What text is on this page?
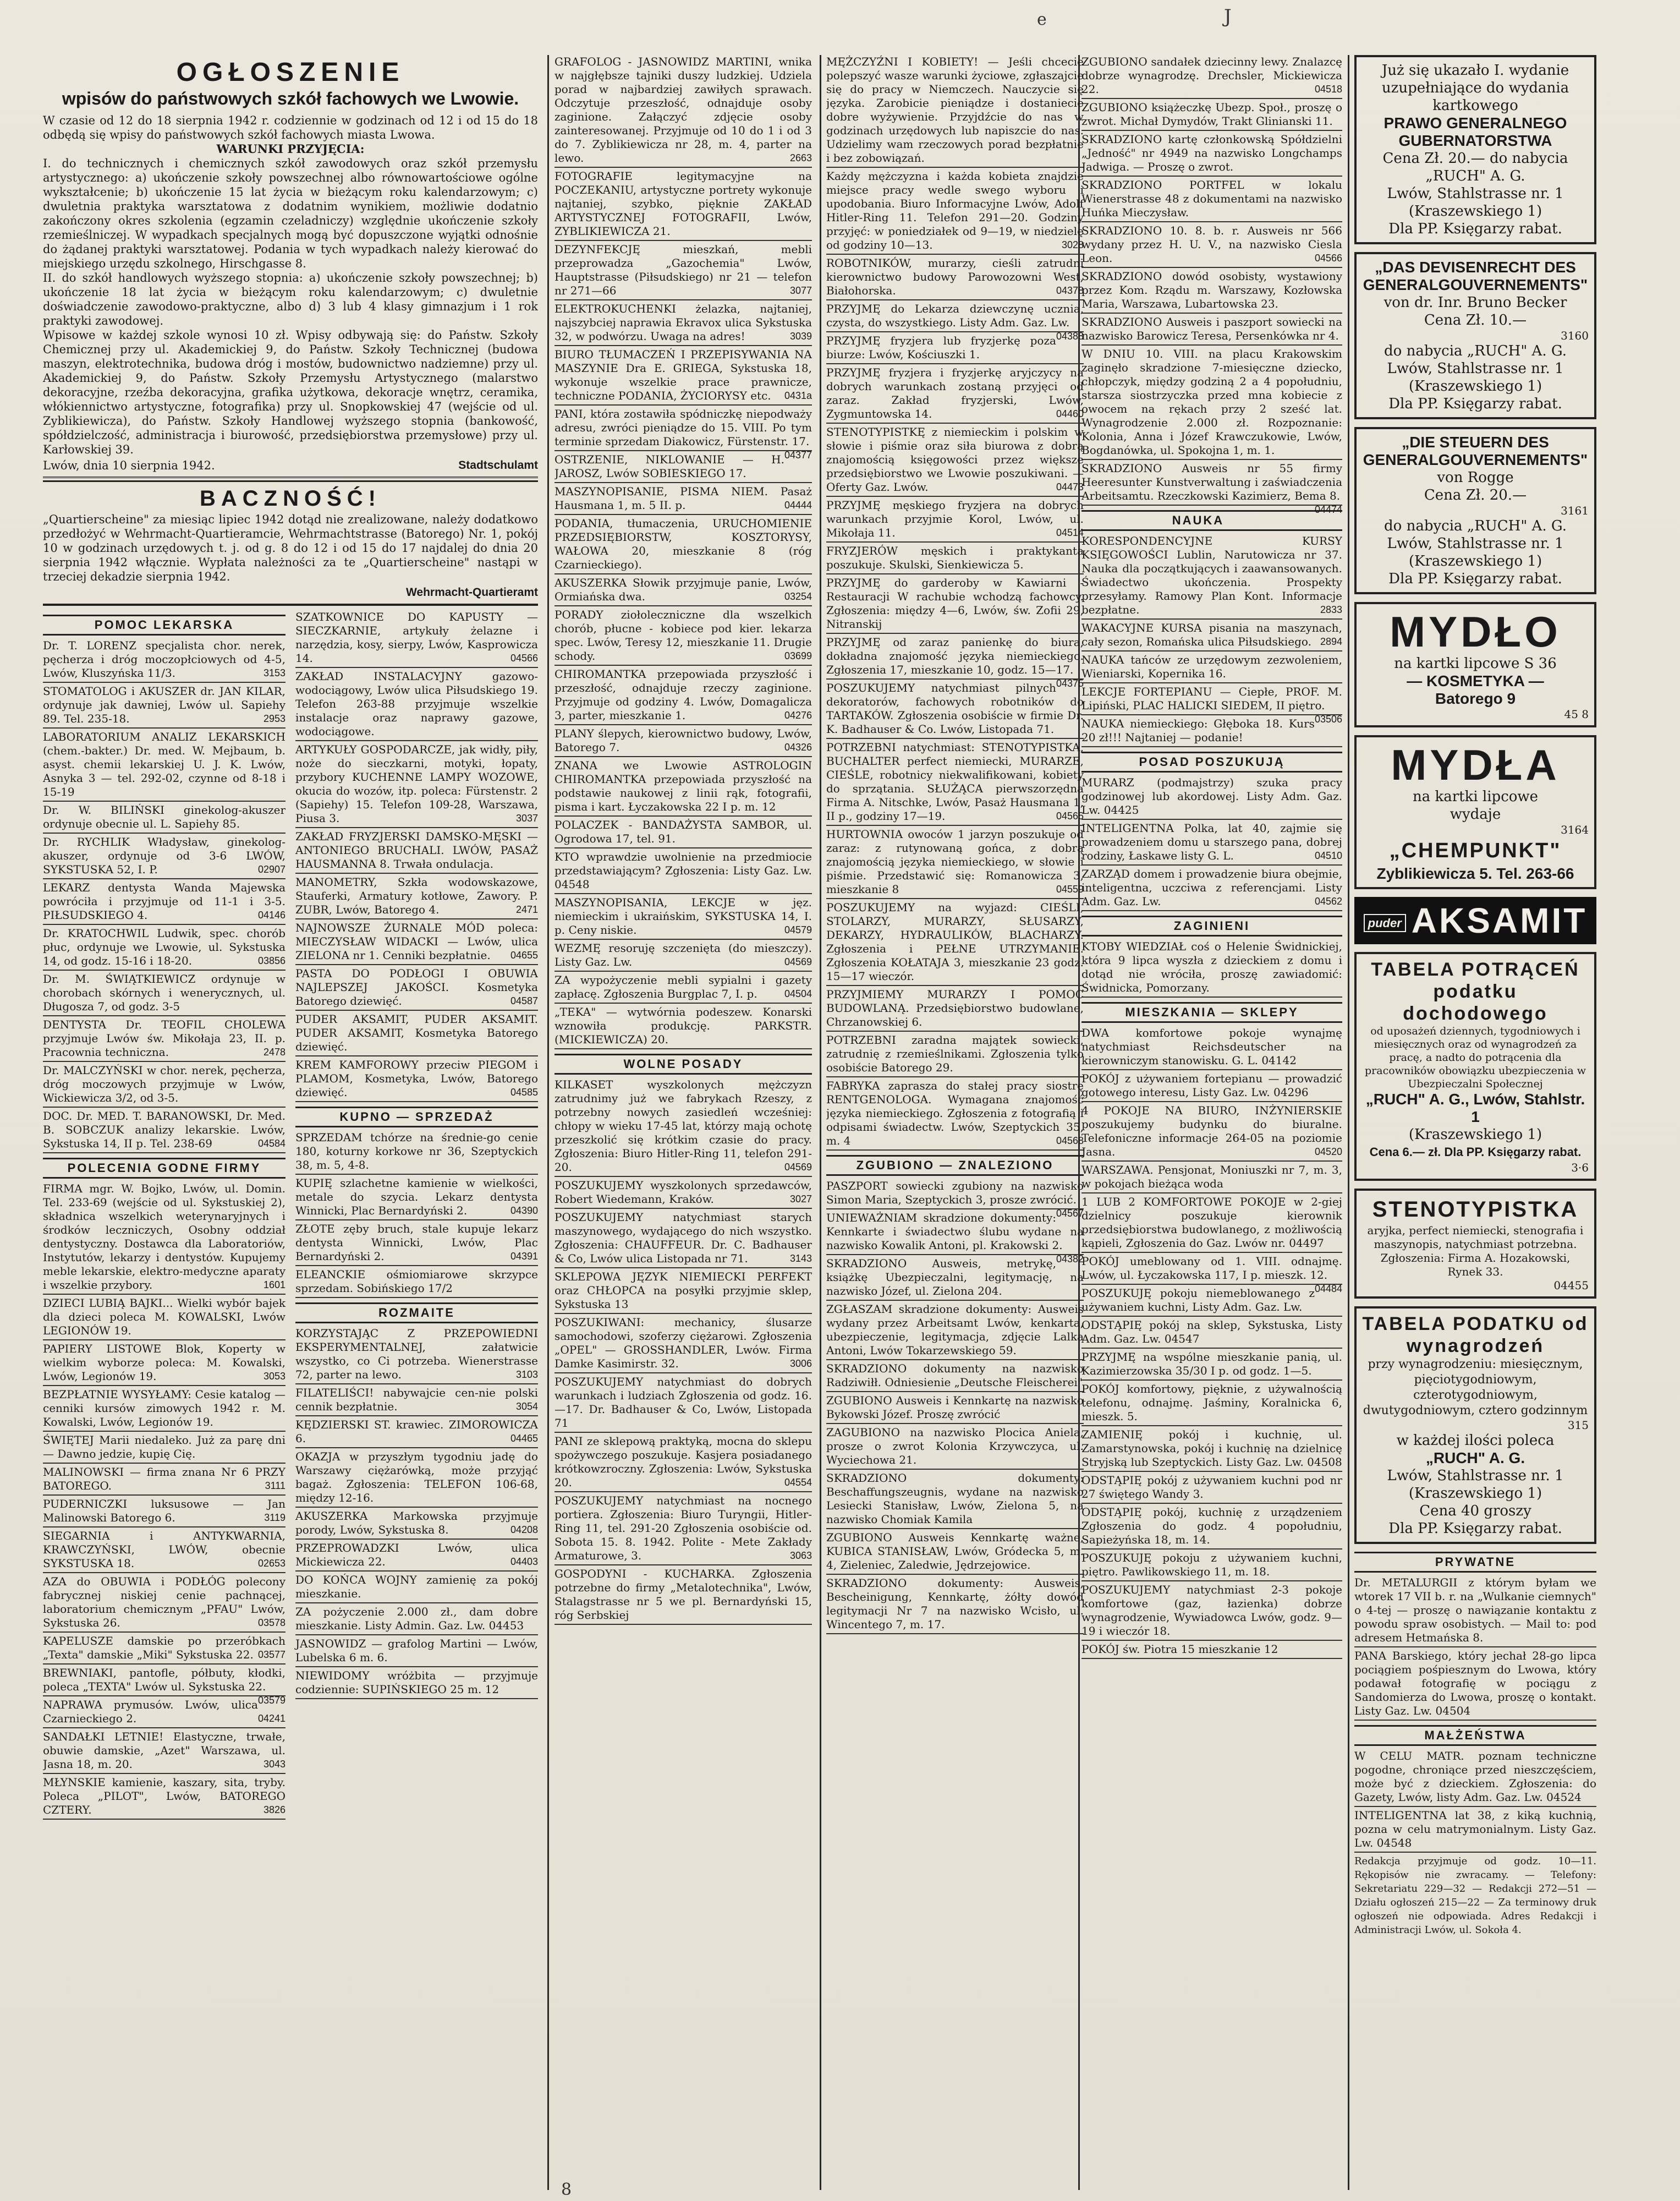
OGŁOSZENIE
wpisów do państwowych szkół fachowych we Lwowie.

W czasie od 12 do 18 sierpnia 1942 r. codziennie w godzinach od 12 i od 15 do 18 odbędą się wpisy do państwowych szkół fachowych miasta Lwowa.

WARUNKI PRZYJĘCIA:

I. do technicznych i chemicznych szkół zawodowych oraz szkół przemysłu artystycznego: a) ukończenie szkoły powszechnej albo równowartościowe ogólne wykształcenie; b) ukończenie 15 lat życia w bieżącym roku kalendarzowym; c) dwuletnia praktyka warsztatowa z dodatnim wynikiem, możliwie dodatnio zakończony okres szkolenia (egzamin czeladniczy) względnie ukończenie szkoły rzemieślniczej. W wypadkach specjalnych mogą być dopuszczone wyjątki odnośnie do żądanej praktyki warsztatowej. Podania w tych wypadkach należy kierować do miejskiego urzędu szkolnego, Hirschgasse 8.

II. do szkół handlowych wyższego stopnia: a) ukończenie szkoły powszechnej; b) ukończenie 18 lat życia w bieżącym roku kalendarzowym; c) dwuletnie doświadczenie zawodowo-praktyczne, albo d) 3 lub 4 klasy gimnazjum i 1 rok praktyki zawodowej.

Wpisowe w każdej szkole wynosi 10 zł. Wpisy odbywają się: do Państw. Szkoły Chemicznej przy ul. Akademickiej 9, do Państw. Szkoły Technicznej (budowa maszyn, elektrotechnika, budowa dróg i mostów, budownictwo nadziemne) przy ul. Akademickiej 9, do Państw. Szkoły Przemysłu Artystycznego (malarstwo dekoracyjne, rzeźba dekoracyjna, grafika użytkowa, dekoracje wnętrz, ceramika, włókiennictwo artystyczne, fotografika) przy ul. Snopkowskiej 47 (wejście od ul. Zyblikiewicza), do Państw. Szkoły Handlowej wyższego stopnia (bankowość, spółdzielczość, administracja i biurowość, przedsiębiorstwa przemysłowe) przy ul. Karłowskiej 39.

Lwów, dnia 10 sierpnia 1942.	Stadtschulamt
BACZNOŚĆ!

„Quartierscheine" za miesiąc lipiec 1942 dotąd nie zrealizowane, należy dodatkowo przedłożyć w Wehrmacht-Quartieramcie, Wehrmachtstrasse (Batorego) Nr. 1, pokój 10 w godzinach urzędowych t. j. od g. 8 do 12 i od 15 do 17 najdalej do dnia 20 sierpnia 1942 włącznie. Wypłata należności za te „Quartierscheine" nastąpi w trzeciej dekadzie sierpnia 1942.

Wehrmacht-Quartieramt
POMOC LEKARSKA

Dr. T. LORENZ specjalista chor. nerek, pęcherza i dróg moczopłciowych od 4-5, Lwów, Kluszyńska 11/3.	3153

STOMATOLOG i AKUSZER dr. JAN KILAR, ordynuje jak dawniej, Lwów ul. Sapiehy 89. Tel. 235-18.	2953

LABORATORIUM ANALIZ LEKARSKICH (chem.-bakter.) Dr. med. W. Mejbaum, b. asyst. chemii lekarskiej U. J. K. Lwów, Asnyka 3 — tel. 292-02, czynne od 8-18 i 15-19

Dr. W. BILIŃSKI ginekolog-akuszer ordynuje obecnie ul. L. Sapiehy 85.

Dr. RYCHLIK Władysław, ginekolog-akuszer, ordynuje od 3-6 LWÓW, SYKSTUSKA 52, I. P.	02907

LEKARZ dentysta Wanda Majewska powróciła i przyjmuje od 11-1 i 3-5. PIŁSUDSKIEGO 4.	04146

Dr. KRATOCHWIL Ludwik, spec. chorób płuc, ordynuje we Lwowie, ul. Sykstuska 14, od godz. 15-16 i 18-20.	03856

Dr. M. ŚWIĄTKIEWICZ ordynuje w chorobach skórnych i wenerycznych, ul. Długosza 7, od godz. 3-5

DENTYSTA Dr. TEOFIL CHOLEWA przyjmuje Lwów św. Mikołaja 23, II. p. Pracownia techniczna.	2478

Dr. MALCZYŃSKI w chor. nerek, pęcherza, dróg moczowych przyjmuje w Lwów, Wickiewicza 3/2, od 3-5.

DOC. Dr. MED. T. BARANOWSKI, Dr. Med. B. SOBCZUK analizy lekarskie. Lwów, Sykstuska 14, II p. Tel. 238-69	04584

POLECENIA GODNE FIRMY

FIRMA mgr. W. Bojko, Lwów, ul. Domin. Tel. 233-69 (wejście od ul. Sykstuskiej 2), składnica wszelkich weterynaryjnych i środków leczniczych, Osobny oddział dentystyczny. Dostawca dla Laboratoriów, Instytutów, lekarzy i dentystów. Kupujemy meble lekarskie, elektro-medyczne aparaty i wszelkie przybory.	1601

DZIECI LUBIĄ BAJKI... Wielki wybór bajek dla dzieci poleca M. KOWALSKI, Lwów LEGIONÓW 19.

PAPIERY LISTOWE Blok, Koperty w wielkim wyborze poleca: M. Kowalski, Lwów, Legionów 19.	3053

BEZPŁATNIE WYSYŁAMY: Cesie katalog — cenniki kursów zimowych 1942 r. M. Kowalski, Lwów, Legionów 19.

ŚWIĘTEJ Marii niedaleko. Już za parę dni — Dawno jedzie, kupię Cię.

MALINOWSKI — firma znana Nr 6 PRZY BATOREGO.	3111

PUDERNICZKI luksusowe — Jan Malinowski Batorego 6.	3119

SIEGARNIA i ANTYKWARNIA, KRAWCZYŃSKI, LWÓW, obecnie SYKSTUSKA 18.	02653

AZA do OBUWIA i PODŁÓG polecony fabrycznej niskiej cenie pachnącej, laboratorium chemicznym „PFAU" Lwów, Sykstuska 26.	03578

KAPELUSZE damskie po przeróbkach „Texta" damskie „Miki" Sykstuska 22. 03577

BREWNIAKI, pantofle, półbuty, kłodki, poleca „TEXTA" Lwów ul. Sykstuska 22.
03579

NAPRAWA prymusów. Lwów, ulica Czarnieckiego 2.	04241

SANDAŁKI LETNIE! Elastyczne, trwałe, obuwie damskie, „Azet" Warszawa, ul. Jasna 18, m. 20.	3043

MŁYNSKIE kamienie, kaszary, sita, tryby. Poleca „PILOT", Lwów, BATOREGO CZTERY.	3826

SZATKOWNICE DO KAPUSTY — SIECZKARNIE, artykuły żelazne i narzędzia, kosy, sierpy, Lwów, Kasprowicza 14.	04566

ZAKŁAD INSTALACYJNY gazowo-wodociągowy, Lwów ulica Piłsudskiego 19. Telefon 263-88 przyjmuje wszelkie instalacje oraz naprawy gazowe, wodociągowe.

ARTYKUŁY GOSPODARCZE, jak widły, piły, noże do sieczkarni, motyki, łopaty, przybory KUCHENNE LAMPY WOZOWE, okucia do wozów, itp. poleca: Fürstenstr. 2 (Sapiehy) 15. Telefon 109-28, Warszawa, Piusa 3.	3037

ZAKŁAD FRYZJERSKI DAMSKO-MĘSKI — ANTONIEGO BRUCHALI. LWÓW, PASAŻ HAUSMANNA 8. Trwała ondulacja.

MANOMETRY, Szkła wodowskazowe, Stauferki, Armatury kotłowe, Zawory. P. ZUBR, Lwów, Batorego 4.	2471

NAJNOWSZE ŻURNALE MÓD poleca: MIECZYSŁAW WIDACKI — Lwów, ulica ZIELONA nr 1. Cenniki bezpłatnie. 04655

PASTA DO PODŁOGI I OBUWIA NAJLEPSZEJ JAKOŚCI. Kosmetyka Batorego dziewięć.	04587

PUDER AKSAMIT, PUDER AKSAMIT. PUDER AKSAMIT, Kosmetyka Batorego dziewięć.

KREM KAMFOROWY przeciw PIEGOM i PLAMOM, Kosmetyka, Lwów, Batorego dziewięć.	04585

KUPNO — SPRZEDAŻ

SPRZEDAM tchórze na średnie-go cenie 180, koturny korkowe nr 36, Szeptyckich 38, m. 5, 4-8.

KUPIĘ szlachetne kamienie w wielkości, metale do szycia. Lekarz dentysta Winnicki, Plac Bernardyński 2.	04390

ZŁOTE zęby bruch, stale kupuje lekarz dentysta Winnicki, Lwów, Plac Bernardyński 2.	04391

ELEANCKIE ośmiomiarowe skrzypce sprzedam. Sobińskiego 17/2

ROZMAITE

KORZYSTAJĄC Z PRZEPOWIEDNI EKSPERYMENTALNEJ, załatwicie wszystko, co Ci potrzeba. Wienerstrasse 72, parter na lewo.	3103

FILATELIŚCI! nabywajcie cen-nie polski cennik bezpłatnie.	3054

KĘDZIERSKI ST. krawiec. ZIMOROWICZA 6.	04465

OKAZJA w przyszłym tygodniu jadę do Warszawy ciężarówką, może przyjąć bagaż. Zgłoszenia: TELEFON 106-68, między 12-16.

AKUSZERKA Markowska przyjmuje porody, Lwów, Sykstuska 8.	04208

PRZEPROWADZKI Lwów, ulica Mickiewicza 22.	04403

DO KOŃCA WOJNY zamienię za pokój mieszkanie.

ZA pożyczenie 2.000 zł., dam dobre mieszkanie. Listy Admin. Gaz. Lw. 04453

JASNOWIDZ — grafolog Martini — Lwów, Lubelska 6 m. 6.

NIEWIDOMY wróżbita — przyjmuje codziennie: SUPIŃSKIEGO 25 m. 12

GRAFOLOG - JASNOWIDZ MARTINI, wnika w najgłębsze tajniki duszy ludzkiej. Udziela porad w najbardziej zawiłych sprawach. Odczytuje przeszłość, odnajduje osoby zaginione. Załączyć zdjęcie osoby zainteresowanej. Przyjmuje od 10 do 1 i od 3 do 7. Zyblikiewicza nr 28, m. 4, parter na lewo.	2663

FOTOGRAFIE legitymacyjne na POCZEKANIU, artystyczne portrety wykonuje najtaniej, szybko, pięknie ZAKŁAD ARTYSTYCZNEJ FOTOGRAFII, Lwów, ZYBLIKIEWICZA 21.

DEZYNFEKCJĘ mieszkań, mebli przeprowadza „Gazochemia" Lwów, Hauptstrasse (Piłsudskiego) nr 21 — telefon nr 271—66	3077

ELEKTROKUCHENKI żelazka, najtaniej, najszybciej naprawia Ekravox ulica Sykstuska 32, w podwórzu. Uwaga na adres!	3039

BIURO TŁUMACZEŃ I PRZEPISYWANIA NA MASZYNIE Dra E. GRIEGA, Sykstuska 18, wykonuje wszelkie prace prawnicze, techniczne PODANIA, ŻYCIORYSY etc. 0431a

PANI, która zostawiła spódniczkę niepodważy adresu, zwróci pieniądze do 15. VIII. Po tym terminie sprzedam Diakowicz, Fürstenstr. 17.
04377

OSTRZENIE, NIKLOWANIE — H. JAROSZ, Lwów SOBIESKIEGO 17.

MASZYNOPISANIE, PISMA NIEM. Pasaż Hausmana 1, m. 5 II. p.	04444

PODANIA, tłumaczenia, URUCHOMIENIE PRZEDSIĘBIORSTW, KOSZTORYSY, WAŁOWA 20, mieszkanie 8 (róg Czarnieckiego).

AKUSZERKA Słowik przyjmuje panie, Lwów, Ormiańska dwa.	03254

PORADY ziołoleczniczne dla wszelkich chorób, płucne - kobiece pod kier. lekarza spec. Lwów, Teresy 12, mieszkanie 11. Drugie schody.	03699

CHIROMANTKA przepowiada przyszłość i przeszłość, odnajduje rzeczy zaginione. Przyjmuje od godziny 4. Lwów, Domagalicza 3, parter, mieszkanie 1.	04276

PLANY ślepych, kierownictwo budowy, Lwów, Batorego 7.	04326

ZNANA we Lwowie ASTROLOGIN CHIROMANTKA przepowiada przyszłość na podstawie naukowej z linii rąk, fotografii, pisma i kart. Łyczakowska 22 I p. m. 12

POLACZEK - BANDAŻYSTA SAMBOR, ul. Ogrodowa 17, tel. 91.

KTO wprawdzie uwolnienie na przedmiocie przedstawiającym? Zgłoszenia: Listy Gaz. Lw. 04548

MASZYNOPISANIA, LEKCJE w jęz. niemieckim i ukraińskim, SYKSTUSKA 14, I. p. Ceny niskie.	04579

WEZMĘ resoruję szczenięta (do mieszczy). Listy Gaz. Lw.	04569

ZA wypożyczenie mebli sypialni i gazety zapłacę. Zgłoszenia Burgplac 7, I. p.	04504

„TEKA" — wytwórnia podeszew. Konarski wznowiła produkcję. PARKSTR. (MICKIEWICZA) 20.

WOLNE POSADY

KILKASET wyszkolonych mężczyzn zatrudnimy już we fabrykach Rzeszy, z potrzebny nowych zasiedleń wcześniej: chłopy w wieku 17-45 lat, którzy mają ochotę przeszkolić się krótkim czasie do pracy. Zgłoszenia: Biuro Hitler-Ring 11, telefon 291-20.	04569

POSZUKUJEMY wyszkolonych sprzedawców, Robert Wiedemann, Kraków.	3027

POSZUKUJEMY natychmiast starych maszynowego, wydającego do nich wszystko. Zgłoszenia: CHAUFFEUR. Dr. C. Badhauser & Co, Lwów ulica Listopada nr 71.	3143

SKLEPOWA JĘZYK NIEMIECKI PERFEKT oraz CHŁOPCA na posyłki przyjmie sklep, Sykstuska 13

POSZUKIWANI: mechanicy, ślusarze samochodowi, szoferzy ciężarowi. Zgłoszenia „OPEL" — GROSSHANDLER, Lwów. Firma Damke Kasimirstr. 32.	3006

POSZUKUJEMY natychmiast do dobrych warunkach i ludziach Zgłoszenia od godz. 16.—17. Dr. Badhauser & Co, Lwów, Listopada 71

PANI ze sklepową praktyką, mocna do sklepu spożywczego poszukuje. Kasjera posiadanego krótkowzroczny. Zgłoszenia: Lwów, Sykstuska 20.	04554

POSZUKUJEMY natychmiast na nocnego portiera. Zgłoszenia: Biuro Turyngii, Hitler-Ring 11, tel. 291-20 Zgłoszenia osobiście od. Sobota 15. 8. 1942. Polite - Mete Zakłady Armaturowe, 3.	3063

GOSPODYNI - KUCHARKA. Zgłoszenia potrzebne do firmy „Metalotechnika", Lwów, Stalagstrasse nr 5 we pl. Bernardyński 15, róg Serbskiej

MĘŻCZYŹNI I KOBIETY! — Jeśli chcecie polepszyć wasze warunki życiowe, zgłaszajcie się do pracy w Niemczech. Nauczycie się języka. Zarobicie pieniądze i dostaniecie dobre wyżywienie. Przyjdźcie do nas w godzinach urzędowych lub napiszcie do nas. Udzielimy wam rzeczowych porad bezpłatnie i bez zobowiązań.

Każdy mężczyzna i każda kobieta znajdzie miejsce pracy wedle swego wyboru i upodobania. Biuro Informacyjne Lwów, Adolf Hitler-Ring 11. Telefon 291—20. Godziny przyjęć: w poniedziałek od 9—19, w niedzielę od godziny 10—13.	3028

ROBOTNIKÓW, murarzy, cieśli zatrudni kierownictwo budowy Parowozowni West, Białohorska.	04378

PRZYJMĘ do Lekarza dziewczynę ucznia, czysta, do wszystkiego. Listy Adm. Gaz. Lw.
04388

PRZYJMĘ fryzjera lub fryzjerkę poza biurze: Lwów, Kościuszki 1.

PRZYJMĘ fryzjera i fryzjerkę aryjczycy na dobrych warunkach zostaną przyjęci od zaraz. Zakład fryzjerski, Lwów, Zygmuntowska 14.	04460

STENOTYPISTKĘ z niemieckim i polskim w słowie i piśmie oraz siła biurowa z dobrą znajomością księgowości przez większe przedsiębiorstwo we Lwowie poszukiwani. — Oferty Gaz. Lwów.	04473

PRZYJMĘ męskiego fryzjera na dobrych warunkach przyjmie Korol, Lwów, ul. Mikołaja 11.	04514

FRYZJERÓW męskich i praktykanta poszukuje. Skulski, Sienkiewicza 5.

PRZYJMĘ do garderoby w Kawiarni - Restauracji W rachubie wchodzą fachowcy. Zgłoszenia: między 4—6, Lwów, św. Zofii 29, Nitranskij

PRZYJMĘ od zaraz panienkę do biura, dokładna znajomość języka niemieckiego. Zgłoszenia 17, mieszkanie 10, godz. 15—17.
04375

POSZUKUJEMY natychmiast pilnych dekoratorów, fachowych robotników do TARTAKÓW. Zgłoszenia osobiście w firmie Dr. K. Badhauser & Co. Lwów, Listopada 71.

POTRZEBNI natychmiast: STENOTYPISTKA, BUCHALTER perfect niemiecki, MURARZE, CIEŚLE, robotnicy niekwalifikowani, kobiety do sprzątania. SŁUŻĄCA pierwszorzędna Firma A. Nitschke, Lwów, Pasaż Hausmana 1, II p., godziny 17—19.	04565

HURTOWNIA owoców 1 jarzyn poszukuje od zaraz: z rutynowaną gońca, z dobrą znajomością języka niemieckiego, w słowie i piśmie. Przedstawić się: Romanowicza 3, mieszkanie 8	04559

POSZUKUJEMY na wyjazd: CIEŚLI, STOLARZY, MURARZY, SŁUSARZY, DEKARZY, HYDRAULIKÓW, BLACHARZY. Zgłoszenia i PEŁNE UTRZYMANIE. Zgłoszenia KOŁATAJA 3, mieszkanie 23 godz. 15—17 wieczór.

PRZYJMIEMY MURARZY I POMOC BUDOWLANĄ. Przedsiębiorstwo budowlane, Chrzanowskiej 6.

POTRZEBNI zaradna majątek sowiecki, zatrudnię z rzemieślnikami. Zgłoszenia tylko osobiście Batorego 29.

FABRYKA zaprasza do stałej pracy siostrę RENTGENOLOGA. Wymagana znajomość języka niemieckiego. Zgłoszenia z fotografią i odpisami świadectw. Lwów, Szeptyckich 35, m. 4	04568

ZGUBIONO — ZNALEZIONO

PASZPORT sowiecki zgubiony na nazwisko Simon Maria, Szeptyckich 3, prosze zwrócić.
04567

UNIEWAŻNIAM skradzione dokumenty: Kennkarte i świadectwo ślubu wydane na nazwisko Kowalik Antoni, pl. Krakowski 2.
04382

SKRADZIONO Ausweis, metrykę, książkę Ubezpieczalni, legitymację, na nazwisko Józef, ul. Zielona 204.

ZGŁASZAM skradzione dokumenty: Ausweis wydany przez Arbeitsamt Lwów, kenkarta, ubezpieczenie, legitymacja, zdjęcie Lalka Antoni, Lwów Tokarzewskiego 59.

SKRADZIONO dokumenty na nazwisko Radziwiłł. Odniesienie „Deutsche Fleischerei"

ZGUBIONO Ausweis i Kennkartę na nazwisko Bykowski Józef. Proszę zwrócić

ZAGUBIONO na nazwisko Plocica Aniela, prosze o zwrot Kolonia Krzywczyca, ul. Wyciechowa 21.

SKRADZIONO dokumenty: Beschaffungszeugnis, wydane na nazwisko Lesiecki Stanisław, Lwów, Zielona 5, na nazwisko Chomiak Kamila

ZGUBIONO Ausweis Kennkartę ważne, KUBICA STANISŁAW, Lwów, Gródecka 5, m. 4, Zieleniec, Zaledwie, Jędrzejowice.

SKRADZIONO dokumenty: Ausweis, Bescheinigung, Kennkartę, żółty dowód legitymacji Nr 7 na nazwisko Wcisło, ul. Wincentego 7, m. 17.

ZGUBIONO sandałek dziecinny lewy. Znalazcę dobrze wynagrodzę. Drechsler, Mickiewicza 22.	04518

ZGUBIONO książeczkę Ubezp. Społ., proszę o zwrot. Michał Dymydów, Trakt Glinianski 11.

SKRADZIONO kartę członkowską Spółdzielni „Jedność" nr 4949 na nazwisko Longchamps Jadwiga. — Proszę o zwrot.

SKRADZIONO PORTFEL w lokalu Wienerstrasse 48 z dokumentami na nazwisko Huńka Mieczysław.

SKRADZIONO 10. 8. b. r. Ausweis nr 566 wydany przez H. U. V., na nazwisko Ciesla Leon.	04566

SKRADZIONO dowód osobisty, wystawiony przez Kom. Rządu m. Warszawy, Kozłowska Maria, Warszawa, Lubartowska 23.

SKRADZIONO Ausweis i paszport sowiecki na nazwisko Barowicz Teresa, Persenkówka nr 4.

W DNIU 10. VIII. na placu Krakowskim zaginęło skradzione 7-miesięczne dziecko, chłopczyk, między godziną 2 a 4 popołudniu, starsza siostrzyczka przed mna kobiecie z owocem na rękach przy 2 sześć lat. Wynagrodzenie 2.000 zł. Rozpoznanie: Kolonia, Anna i Józef Krawczukowie, Lwów, Bogdanówka, ul. Spokojna 1, m. 1.

SKRADZIONO Ausweis nr 55 firmy Heeresunter Kunstverwaltung i zaświadczenia Arbeitsamtu. Rzeczkowski Kazimierz, Bema 8.
04474

NAUKA

KORESPONDENCYJNE KURSY KSIĘGOWOŚCI Lublin, Narutowicza nr 37. Nauka dla początkujących i zaawansowanych. Świadectwo ukończenia. Prospekty przesyłamy. Ramowy Plan Kont. Informacje bezpłatne.	2833

WAKACYJNE KURSA pisania na maszynach, cały sezon, Romańska ulica Piłsudskiego. 2894

NAUKA tańców ze urzędowym zezwoleniem, Wieniarski, Kopernika 16.

LEKCJE FORTEPIANU — Ciepłe, PROF. M. Lipiński, PLAC HALICKI SIEDEM, II piętro.
03506

NAUKA niemieckiego: Głęboka 18. Kurs 20 zł!!! Najtaniej — podanie!

POSAD POSZUKUJĄ

MURARZ (podmajstrzy) szuka pracy godzinowej lub akordowej. Listy Adm. Gaz. Lw. 04425

INTELIGENTNA Polka, lat 40, zajmie się prowadzeniem domu u starszego pana, dobrej rodziny, Łaskawe listy G. L.	04510

ZARZĄD domem i prowadzenie biura obejmie, inteligentna, uczciwa z referencjami. Listy Adm. Gaz. Lw.	04562

ZAGINIENI

KTOBY WIEDZIAŁ coś o Helenie Świdnickiej, która 9 lipca wyszła z dzieckiem z domu i dotąd nie wróciła, proszę zawiadomić: Świdnicka, Pomorzany.

MIESZKANIA — SKLEPY

DWA komfortowe pokoje wynajmę natychmiast Reichsdeutscher na kierowniczym stanowisku. G. L. 04142

POKÓJ z używaniem fortepianu — prowadzić gotowego interesu, Listy Gaz. Lw. 04296

4 POKOJE NA BIURO, INŻYNIERSKIE poszukujemy budynku do biuralne. Telefoniczne informacje 264-05 na poziomie Jasna.	04520

WARSZAWA. Pensjonat, Moniuszki nr 7, m. 3, w pokojach bieżąca woda

1 LUB 2 KOMFORTOWE POKOJE w 2-giej dzielnicy poszukuje kierownik przedsiębiorstwa budowlanego, z możliwością kąpieli, Zgłoszenia do Gaz. Lwów nr. 04497

POKÓJ umeblowany od 1. VIII. odnajmę. Lwów, ul. Łyczakowska 117, I p. mieszk. 12.
04484

POSZUKUJĘ pokoju niemeblowanego z używaniem kuchni, Listy Adm. Gaz. Lw.

ODSTĄPIĘ pokój na sklep, Sykstuska, Listy Adm. Gaz. Lw. 04547

PRZYJMĘ na wspólne mieszkanie panią, ul. Kazimierzowska 35/30 I p. od godz. 1—5.

POKÓJ komfortowy, pięknie, z używalnością telefonu, odnajmę. Jaśminy, Koralnicka 6, mieszk. 5.

ZAMIENIĘ pokój i kuchnię, ul. Zamarstynowska, pokój i kuchnię na dzielnicę Stryjską lub Szeptyckich. Listy Gaz. Lw. 04508

ODSTĄPIĘ pokój z używaniem kuchni pod nr 27 świętego Wandy 3.

ODSTĄPIĘ pokój, kuchnię z urządzeniem Zgłoszenia do godz. 4 popołudniu, Sapieżyńska 18, m. 14.

POSZUKUJĘ pokoju z używaniem kuchni, piętro. Pawlikowskiego 11, m. 18.

POSZUKUJEMY natychmiast 2-3 pokoje komfortowe (gaz, łazienka) dobrze wynagrodzenie, Wywiadowca Lwów, godz. 9—19 i wieczór 18.

POKÓJ św. Piotra 15 mieszkanie 12

Już się ukazało I. wydanie uzupełniające do wydania kartkowego

PRAWO GENERALNEGO GUBERNATORSTWA

Cena Zł. 20.— do nabycia „RUCH" A. G.

Lwów, Stahlstrasse nr. 1

(Kraszewskiego 1)

Dla PP. Księgarzy rabat.

„DAS DEVISENRECHT DES GENERALGOUVERNEMENTS"

von dr. Inr. Bruno Becker

Cena Zł. 10.—

3160

do nabycia „RUCH" A. G.

Lwów, Stahlstrasse nr. 1

(Kraszewskiego 1)

Dla PP. Księgarzy rabat.

„DIE STEUERN DES GENERALGOUVERNEMENTS"

von Rogge

Cena Zł. 20.—

3161

do nabycia „RUCH" A. G.

Lwów, Stahlstrasse nr. 1

(Kraszewskiego 1)

Dla PP. Księgarzy rabat.

MYDŁO

na kartki lipcowe S 36

— KOSMETYKA —

Batorego 9

45 8

MYDŁA

na kartki lipcowe

wydaje

3164

„CHEMPUNKT"

Zyblikiewicza 5. Tel. 263-66

puder AKSAMIT

TABELA POTRĄCEŃ podatku dochodowego

od uposażeń dziennych, tygodniowych i miesięcznych oraz od wynagrodzeń za pracę, a nadto do potrącenia dla pracowników obowiązku ubezpieczenia w Ubezpieczalni Społecznej

„RUCH" A. G., Lwów, Stahlstr. 1

(Kraszewskiego 1)

Cena 6.— zł. Dla PP. Księgarzy rabat.

3·6

STENOTYPISTKA

aryjka, perfect niemiecki, stenografia i maszynopis, natychmiast potrzebna. Zgłoszenia: Firma A. Hozakowski, Rynek 33.

04455

TABELA PODATKU od wynagrodzeń

przy wynagrodzeniu: miesięcznym, pięciotygodniowym, czterotygodniowym, dwutygodniowym, cztero godzinnym

315

w każdej ilości poleca

„RUCH" A. G.

Lwów, Stahlstrasse nr. 1

(Kraszewskiego 1)

Cena 40 groszy

Dla PP. Księgarzy rabat.

PRYWATNE

Dr. METALURGII z którym byłam we wtorek 17 VII b. r. na „Wulkanie ciemnych" o 4-tej — proszę o nawiązanie kontaktu z powodu spraw osobistych. — Mail to: pod adresem Hetmańska 8.

PANA Barskiego, który jechał 28-go lipca pociągiem pośpiesznym do Lwowa, który podawał fotografię w pociągu z Sandomierza do Lwowa, proszę o kontakt. Listy Gaz. Lw. 04504

MAŁŻEŃSTWA

W CELU MATR. poznam techniczne pogodne, chroniące przed nieszczęściem, może być z dzieckiem. Zgłoszenia: do Gazety, Lwów, listy Adm. Gaz. Lw. 04524

INTELIGENTNA lat 38, z kiką kuchnią, pozna w celu matrymonialnym. Listy Gaz. Lw. 04548

Redakcja przyjmuje od godz. 10—11. Rękopisów nie zwracamy. — Telefony: Sekretariatu 229—32 — Redakcji 272—51 — Działu ogłoszeń 215—22 — Za terminowy druk ogłoszeń nie odpowiada. Adres Redakcji i Administracji Lwów, ul. Sokoła 4.

J
e
8
